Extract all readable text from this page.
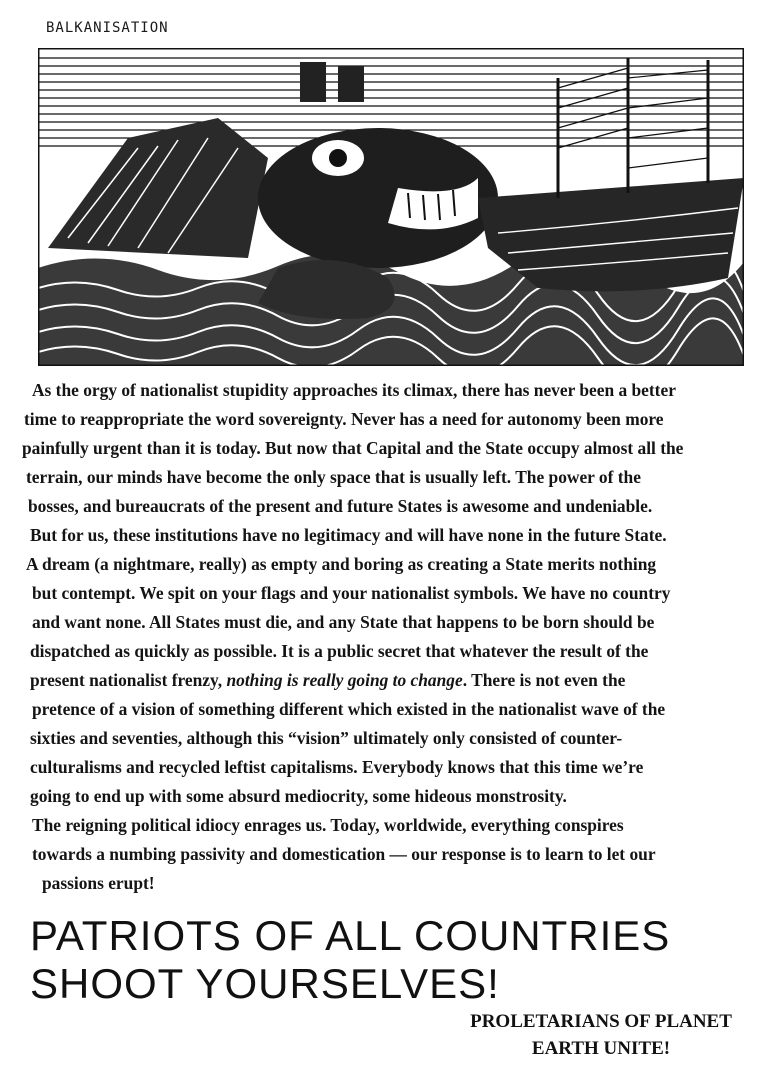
BALKANISATION

As the orgy of nationalist stupidity approaches its climax, there has never been a better

time to reappropriate the word sovereignty. Never has a need for autonomy been more

painfully urgent than it is today. But now that Capital and the State occupy almost all the

terrain, our minds have become the only space that is usually left. The power of the

bosses, and bureaucrats of the present and future States is awesome and undeniable.

But for us, these institutions have no legitimacy and will have none in the future State.

A dream (a nightmare, really) as empty and boring as creating a State merits nothing

but contempt. We spit on your flags and your nationalist symbols. We have no country

and want none. All States must die, and any State that happens to be born should be

dispatched as quickly as possible. It is a public secret that whatever the result of the

present nationalist frenzy, nothing is really going to change. There is not even the

pretence of a vision of something different which existed in the nationalist wave of the

sixties and seventies, although this “vision” ultimately only consisted of counter-

culturalisms and recycled leftist capitalisms. Everybody knows that this time we’re

going to end up with some absurd mediocrity, some hideous monstrosity.

The reigning political idiocy enrages us. Today, worldwide, everything conspires

towards a numbing passivity and domestication — our response is to learn to let our

passions erupt!

PATRIOTS OF ALL COUNTRIES
SHOOT YOURSELVES!
PROLETARIANS OF PLANET
EARTH UNITE!
